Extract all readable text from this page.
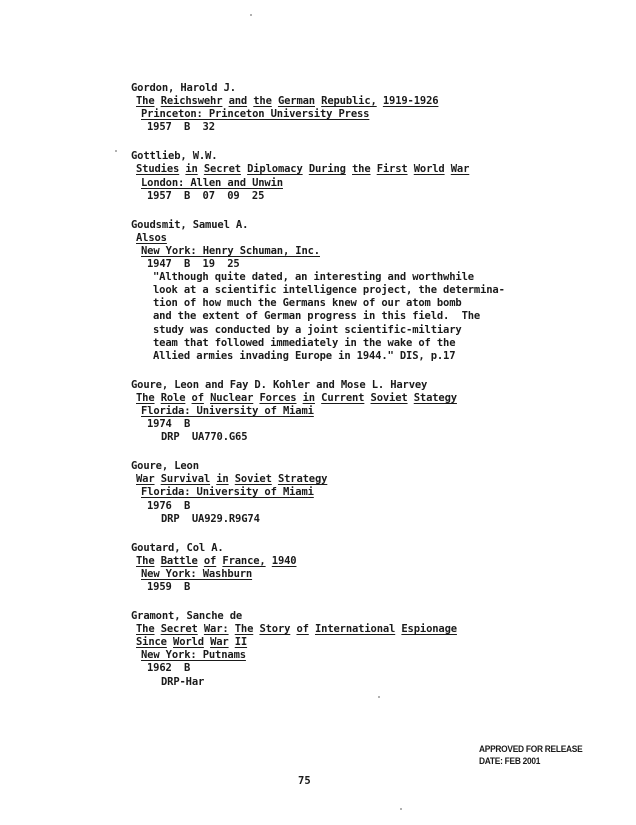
Gordon, Harold J.
The Reichswehr and the German Republic, 1919-1926
Princeton: Princeton University Press
1957  B  32
Gottlieb, W.W.
Studies in Secret Diplomacy During the First World War
London: Allen and Unwin
1957  B  07  09  25
Goudsmit, Samuel A.
Alsos
New York: Henry Schuman, Inc.
1947  B  19  25
"Although quite dated, an interesting and worthwhile
look at a scientific intelligence project, the determina-
tion of how much the Germans knew of our atom bomb
and the extent of German progress in this field.  The
study was conducted by a joint scientific-miltiary
team that followed immediately in the wake of the
Allied armies invading Europe in 1944." DIS, p.17
Goure, Leon and Fay D. Kohler and Mose L. Harvey
The Role of Nuclear Forces in Current Soviet Stategy
Florida: University of Miami
1974  B
DRP  UA770.G65
Goure, Leon
War Survival in Soviet Strategy
Florida: University of Miami
1976  B
DRP  UA929.R9G74
Goutard, Col A.
The Battle of France, 1940
New York: Washburn
1959  B
Gramont, Sanche de
The Secret War: The Story of International Espionage
Since World War II
New York: Putnams
1962  B
DRP-Har
APPROVED FOR RELEASE
DATE: FEB 2001
75
